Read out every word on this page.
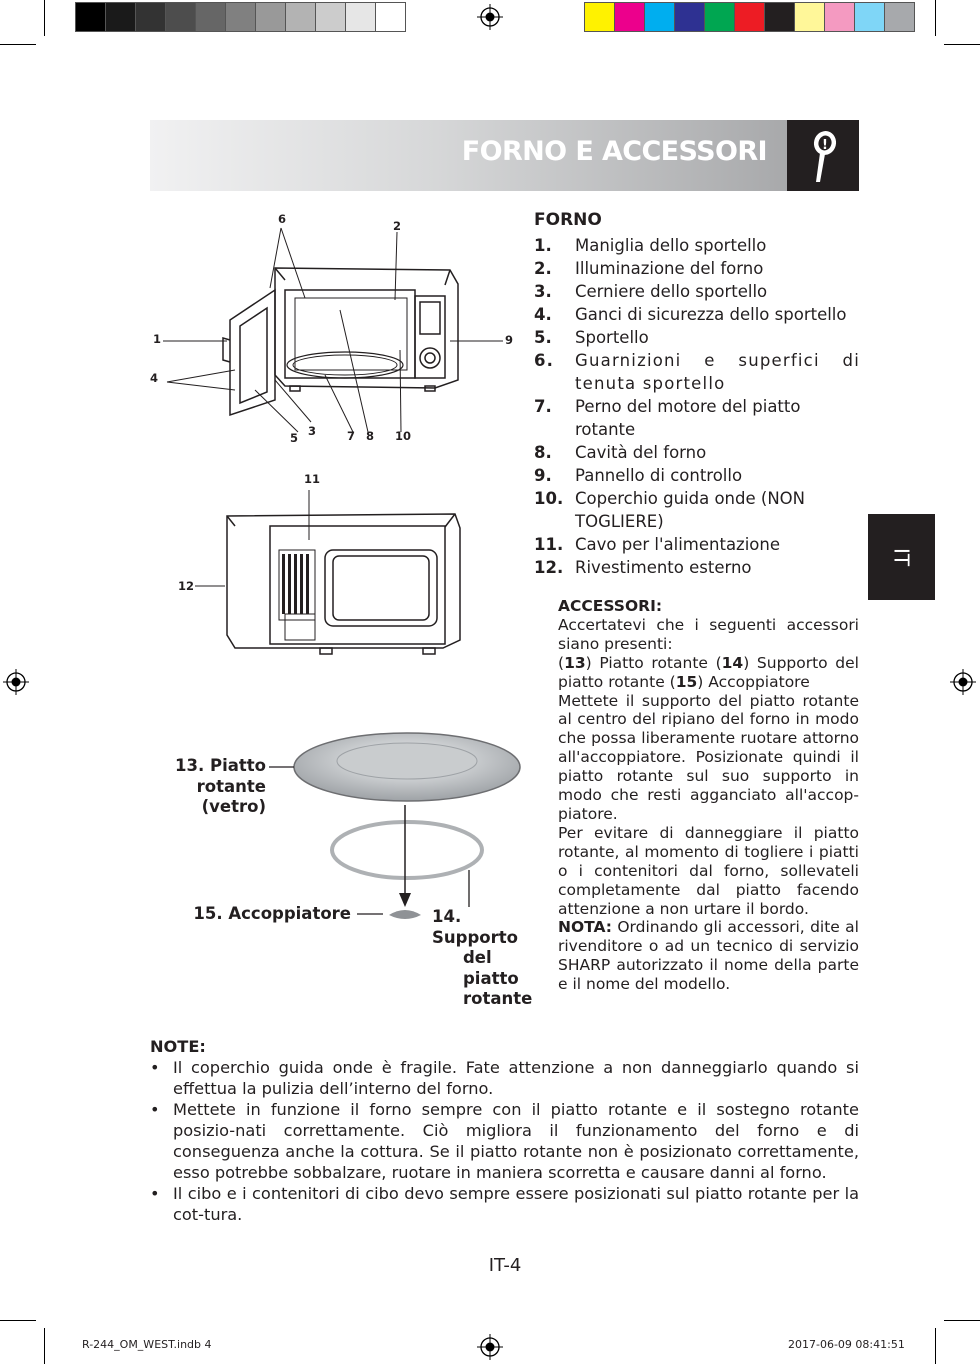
FORNO E ACCESSORI	!
IT
6	2
1	9
4
5 3	7 8 10
11
12
13. Piatto
rotante
(vetro)
15. Accoppiatore	14. Supporto
del piatto
rotante
FORNO
1. Maniglia dello sportello
2. Illuminazione del forno
3. Cerniere dello sportello
4. Ganci di sicurezza dello sportello
5. Sportello
6. Guarnizioni e superfici di tenuta sportello
7. Perno del motore del piatto rotante
8. Cavità del forno
9. Pannello di controllo
10. Coperchio guida onde (NON TOGLIERE)
11. Cavo per l'alimentazione
12. Rivestimento esterno

ACCESSORI:

Accertatevi che i seguenti accessori siano presenti:

(13) Piatto rotante (14) Supporto del piatto rotante (15) Accoppiatore

Mettete il supporto del piatto rotante al centro del ripiano del forno in modo che possa liberamente ruotare attorno all'accoppiatore. Posizionate quindi il piatto rotante sul suo supporto in modo che resti agganciato all'accop-piatore.

Per evitare di danneggiare il piatto rotante, al momento di togliere i piatti o i contenitori dal forno, sollevateli completamente dal piatto facendo attenzione a non urtare il bordo.

NOTA: Ordinando gli accessori, dite al rivenditore o ad un tecnico di servizio SHARP autorizzato il nome della parte e il nome del modello.

NOTE:
• Il coperchio guida onde è fragile. Fate attenzione a non danneggiarlo quando si effettua la pulizia dell’interno del forno.
• Mettete in funzione il forno sempre con il piatto rotante e il sostegno rotante posizio-nati correttamente. Ciò migliora il funzionamento del forno e di conseguenza anche la cottura. Se il piatto rotante non è posizionato correttamente, esso potrebbe sobbalzare, ruotare in maniera scorretta e causare danni al forno.
• Il cibo e i contenitori di cibo devo sempre essere posizionati sul piatto rotante per la cot-tura.
IT-4
R-244_OM_WEST.indb 4	2017-06-09 08:41:51
